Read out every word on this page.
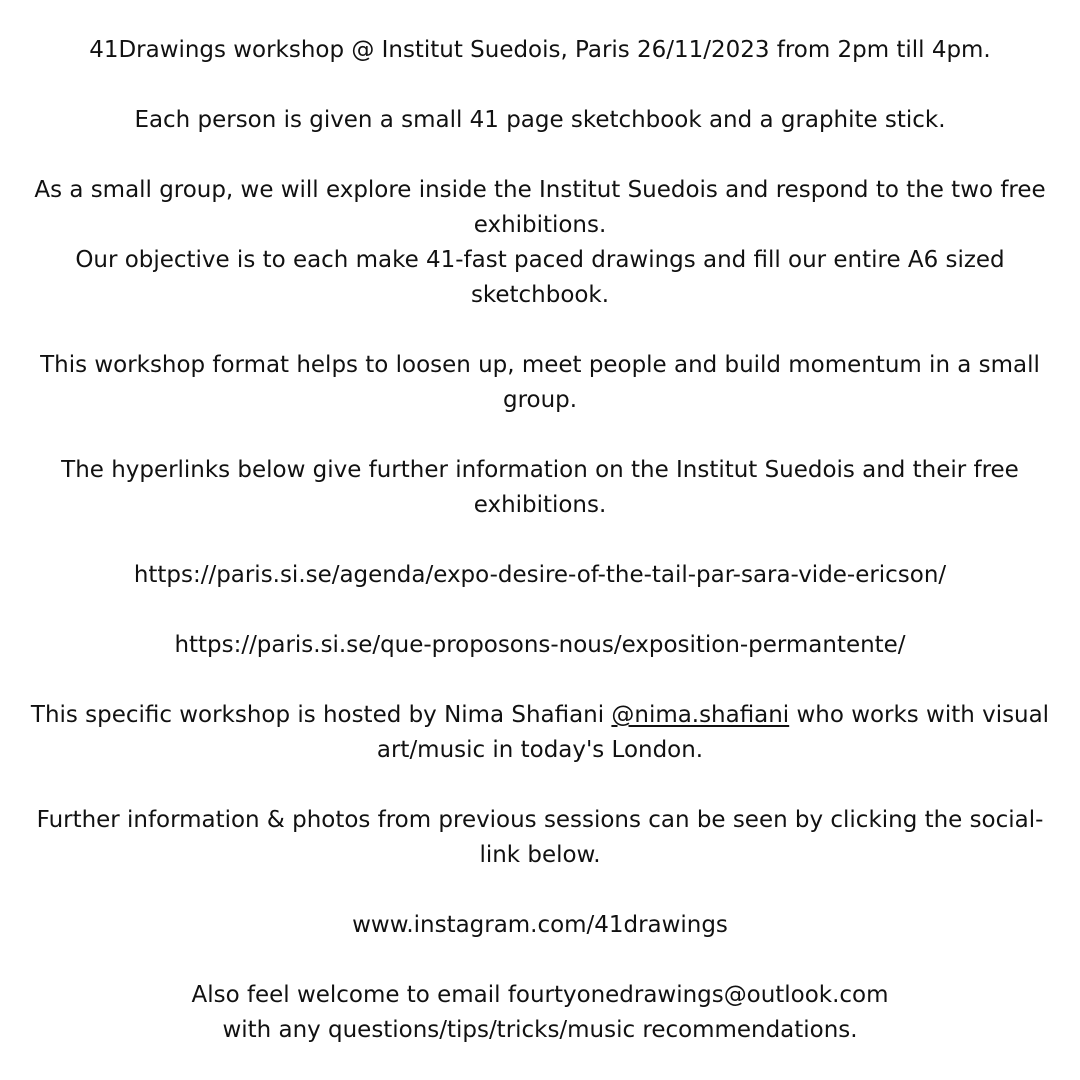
41Drawings workshop @ Institut Suedois, Paris 26/11/2023 from 2pm till 4pm.

Each person is given a small 41 page sketchbook and a graphite stick.

As a small group, we will explore inside the Institut Suedois and respond to the two free
exhibitions.
Our objective is to each make 41-fast paced drawings and fill our entire A6 sized
sketchbook.

This workshop format helps to loosen up, meet people and build momentum in a small
group.

The hyperlinks below give further information on the Institut Suedois and their free
exhibitions.

https://paris.si.se/agenda/expo-desire-of-the-tail-par-sara-vide-ericson/

https://paris.si.se/que-proposons-nous/exposition-permantente/

This specific workshop is hosted by Nima Shafiani @nima.shafiani who works with visual
art/music in today's London.

Further information & photos from previous sessions can be seen by clicking the social-
link below.

www.instagram.com/41drawings

Also feel welcome to email fourtyonedrawings@outlook.com
with any questions/tips/tricks/music recommendations.
